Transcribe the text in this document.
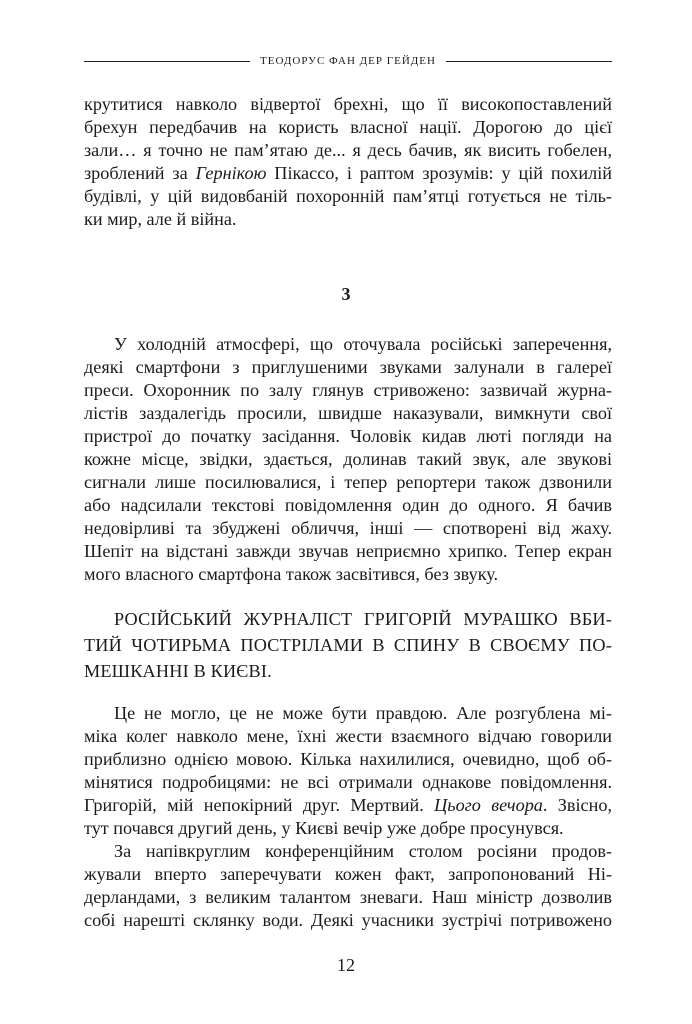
ТЕОДОРУС ФАН ДЕР ГЕЙДЕН
крутитися навколо відвертої брехні, що її високопоставлений
брехун передбачив на користь власної нації. Дорогою до цієї
зали… я точно не пам’ятаю де... я десь бачив, як висить гобелен,
зроблений за Гернікою Пікассо, і раптом зрозумів: у цій похилій
будівлі, у цій видовбаній похоронній пам’ятці готується не тіль-
ки мир, але й війна.
3
У холодній атмосфері, що оточувала російські заперечення,
деякі смартфони з приглушеними звуками залунали в галереї
преси. Охоронник по залу глянув стривожено: зазвичай журна-
лістів заздалегідь просили, швидше наказували, вимкнути свої
пристрої до початку засідання. Чоловік кидав люті погляди на
кожне місце, звідки, здається, долинав такий звук, але звукові
сигнали лише посилювалися, і тепер репортери також дзвонили
або надсилали текстові повідомлення один до одного. Я бачив
недовірливі та збуджені обличчя, інші — спотворені від жаху.
Шепіт на відстані завжди звучав неприємно хрипко. Тепер екран
мого власного смартфона також засвітився, без звуку.
РОСІЙСЬКИЙ ЖУРНАЛІСТ ГРИГОРІЙ МУРАШКО ВБИ-
ТИЙ ЧОТИРЬМА ПОСТРІЛАМИ В СПИНУ В СВОЄМУ ПО-
МЕШКАННІ В КИЄВІ.
Це не могло, це не може бути правдою. Але розгублена мі-
міка колег навколо мене, їхні жести взаємного відчаю говорили
приблизно однією мовою. Кілька нахилилися, очевидно, щоб об-
мінятися подробицями: не всі отримали однакове повідомлення.
Григорій, мій непокірний друг. Мертвий. Цього вечора. Звісно,
тут почався другий день, у Києві вечір уже добре просунувся.
За напівкруглим конференційним столом росіяни продов-
жували вперто заперечувати кожен факт, запропонований Ні-
дерландами, з великим талантом зневаги. Наш міністр дозволив
собі нарешті склянку води. Деякі учасники зустрічі потривожено
12
